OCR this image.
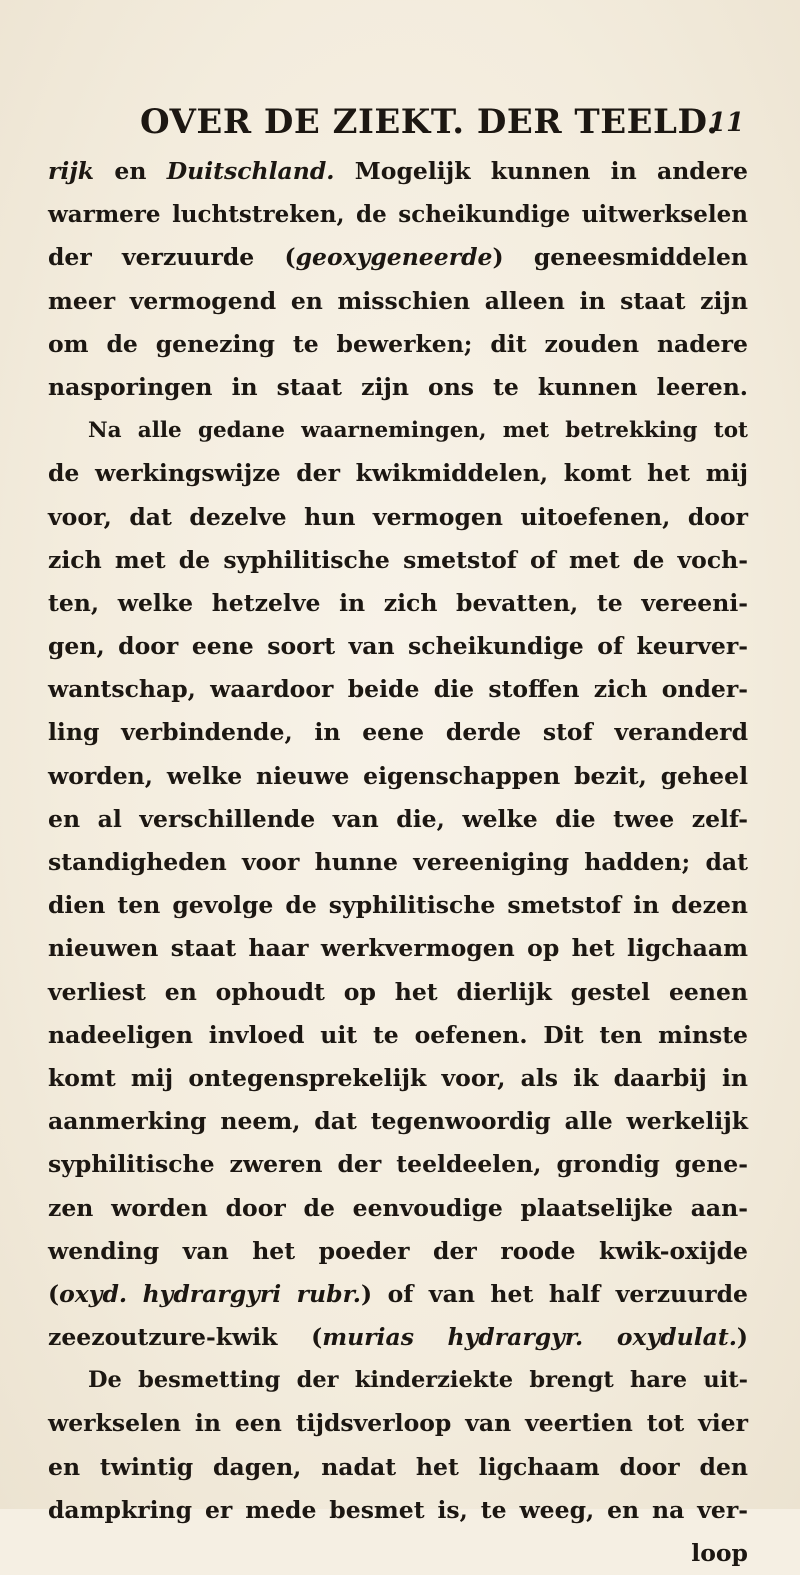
OVER DE ZIEKT. DER TEELD.
11
rijk en Duitschland. Mogelijk kunnen in andere
warmere luchtstreken, de scheikundige uitwerkselen
der verzuurde (geoxygeneerde) geneesmiddelen
meer vermogend en misschien alleen in staat zijn
om de genezing te bewerken; dit zouden nadere
nasporingen in staat zijn ons te kunnen leeren.
Na alle gedane waarnemingen, met betrekking tot
de werkingswijze der kwikmiddelen, komt het mij
voor, dat dezelve hun vermogen uitoefenen, door
zich met de syphilitische smetstof of met de voch-
ten, welke hetzelve in zich bevatten, te vereeni-
gen, door eene soort van scheikundige of keurver-
wantschap, waardoor beide die stoffen zich onder-
ling verbindende, in eene derde stof veranderd
worden, welke nieuwe eigenschappen bezit, geheel
en al verschillende van die, welke die twee zelf-
standigheden voor hunne vereeniging hadden; dat
dien ten gevolge de syphilitische smetstof in dezen
nieuwen staat haar werkvermogen op het ligchaam
verliest en ophoudt op het dierlijk gestel eenen
nadeeligen invloed uit te oefenen. Dit ten minste
komt mij ontegensprekelijk voor, als ik daarbij in
aanmerking neem, dat tegenwoordig alle werkelijk
syphilitische zweren der teeldeelen, grondig gene-
zen worden door de eenvoudige plaatselijke aan-
wending van het poeder der roode kwik-oxijde
(oxyd. hydrargyri rubr.) of van het half verzuurde
zeezoutzure-kwik (murias hydrargyr. oxydulat.)
De besmetting der kinderziekte brengt hare uit-
werkselen in een tijdsverloop van veertien tot vier
en twintig dagen, nadat het ligchaam door den
dampkring er mede besmet is, te weeg, en na ver-
loop
